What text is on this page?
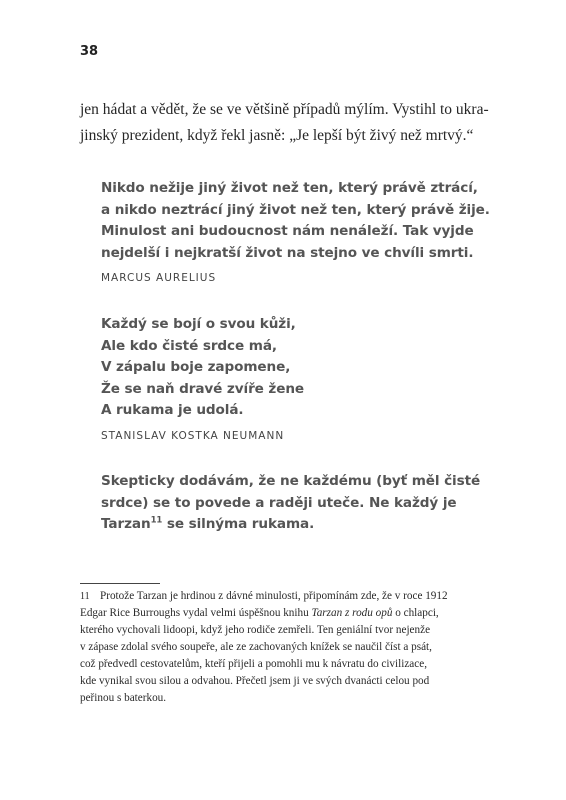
38
jen hádat a vědět, že se ve většině případů mýlím. Vystihl to ukra-
jinský prezident, když řekl jasně: „Je lepší být živý než mrtvý.“
Nikdo nežije jiný život než ten, který právě ztrácí,
a nikdo neztrácí jiný život než ten, který právě žije.
Minulost ani budoucnost nám nenáleží. Tak vyjde
nejdelší i nejkratší život na stejno ve chvíli smrti.
MARCUS AURELIUS
Každý se bojí o svou kůži,
Ale kdo čisté srdce má,
V zápalu boje zapomene,
Že se naň dravé zvíře žene
A rukama je udolá.
STANISLAV KOSTKA NEUMANN
Skepticky dodávám, že ne každému (byť měl čisté
srdce) se to povede a raději uteče. Ne každý je
Tarzan$^{11}$ se silnýma rukama.
11 Protože Tarzan je hrdinou z dávné minulosti, připomínám zde, že v roce 1912
Edgar Rice Burroughs vydal velmi úspěšnou knihu Tarzan z rodu opů o chlapci,
kterého vychovali lidoopi, když jeho rodiče zemřeli. Ten geniální tvor nejenže
v zápase zdolal svého soupeře, ale ze zachovaných knížek se naučil číst a psát,
což předvedl cestovatelům, kteří přijeli a pomohli mu k návratu do civilizace,
kde vynikal svou silou a odvahou. Přečetl jsem ji ve svých dvanácti celou pod
peřinou s baterkou.
